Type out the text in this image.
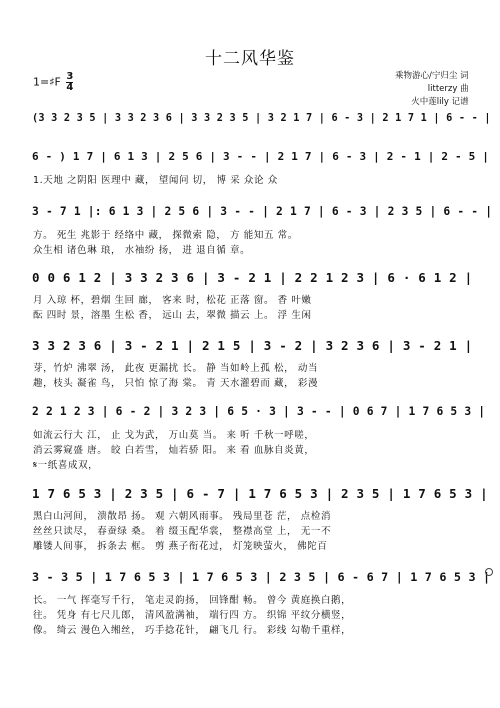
十二风华鉴
1=♯F $\frac{3}{4}$	乘物游心/宁归尘 词
litterzy 曲
火中莲lily 记谱
(3 3 2 3 5 | 3 3 2 3 6 | 3 3 2 3 5 | 3 2 1 7 | 6 - 3 | 2 1 7 1 | 6 - - |
6 - ) 1 7 | 6 1 3 | 2 5 6 | 3 - - | 2 1 7 | 6 - 3 | 2 - 1 | 2 - 5 |
1.天地 之阴阳 医理中 藏， 望闻问 切， 博 采 众论 众
3 - 7 1 |: 6 1 3 | 2 5 6 | 3 - - | 2 1 7 | 6 - 3 | 2 3 5 | 6 - - |
方。 死生 兆影于 经络中 藏， 探微索 隐， 方 能知五 常。
众生相 诸色琳 琅， 水袖纷 扬， 进 退自循 章。
0 0 6 1 2 | 3 3 2 3 6 | 3 - 2 1 | 2 2 1 2 3 | 6 · 6 1 2 |
月 入琼 杯，碧烟 生回 廊， 客来 时，松花 正落 窗。 香 叶嫩
酝 四时 景，溶墨 生松 香， 远山 去，翠微 描云 上。 浮 生闲
3 3 2 3 6 | 3 - 2 1 | 2 1 5 | 3 - 2 | 3 2 3 6 | 3 - 2 1 |
芽，竹炉 沸翠 汤， 此夜 更漏扰 长。 静 当如岭上孤 松， 动当
趣，枝头 凝雀 鸟， 只怕 惊了海 棠。 青 天水灌碧而 藏， 彩漫
2 2 1 2 3 | 6 - 2 | 3 2 3 | 6 5 · 3 | 3 - - | 0 6 7 | 1 7 6 5 3 |
如流云行大 江， 止 戈为武， 万山莫 当。 来 听 千秋一呼嗟，
消云雾窥盛 唐。 皎 白若雪， 灿若骄 阳。 来 看 血脉自炎黄，
𝄋一纸喜成双，
1 7 6 5 3 | 2 3 5 | 6 - 7 | 1 7 6 5 3 | 2 3 5 | 1 7 6 5 3 |
黑白山河间， 溃散昂 扬。 观 六朝风雨事。 残局里苍 茫， 点检消
丝丝只读尽， 春蚕绿 桑。 着 缀玉配华裳， 整襟高堂 上， 无一不
雕镂人间事， 拆条去 框。 剪 燕子衔花过， 灯笼映萤火， 佛陀百
3 - 3 5 | 1 7 6 5 3 | 1 7 6 5 3 | 2 3 5 | 6 - 6 7 | 1 7 6 5 3 |
长。 一气 挥毫写千行， 笔走灵韵扬， 回锋酣 畅。 曾今 黄庭换白鹅，
往。 凭身 有七尺儿郎， 清风盈满袖， 端行四 方。 织锦 平纹分横竖，
像。 绮云 漫色入缃丝， 巧手捻花针， 翩飞几 行。 彩线 勾勒千重样，
